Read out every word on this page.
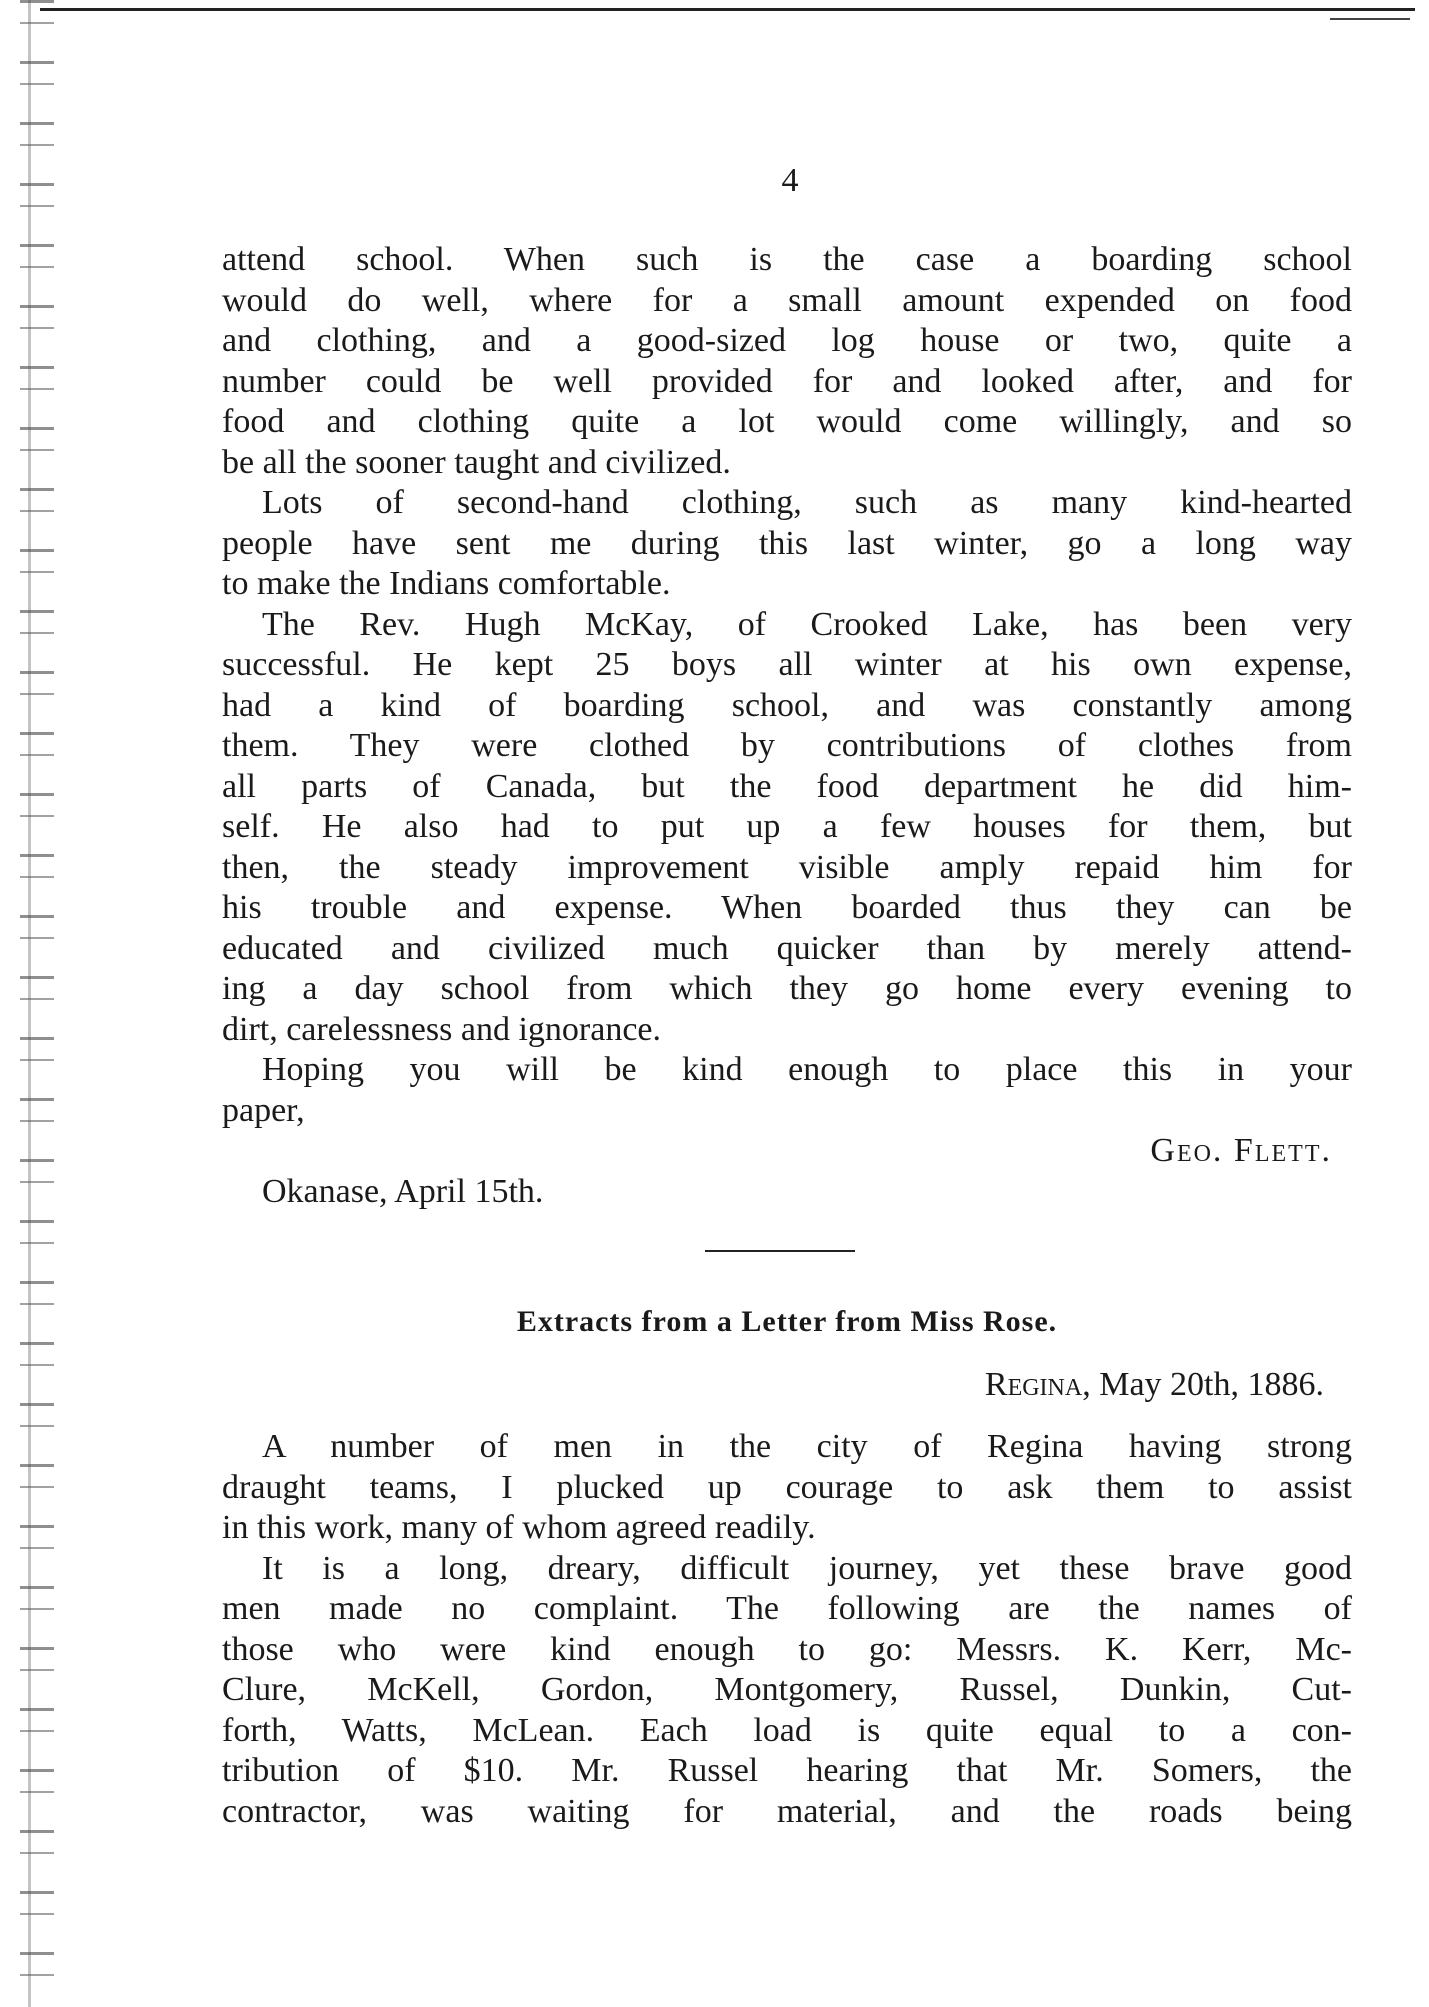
4
attend school. When such is the case a boarding school
would do well, where for a small amount expended on food
and clothing, and a good-sized log house or two, quite a
number could be well provided for and looked after, and for
food and clothing quite a lot would come willingly, and so
be all the sooner taught and civilized.
Lots of second-hand clothing, such as many kind-hearted
people have sent me during this last winter, go a long way
to make the Indians comfortable.
The Rev. Hugh McKay, of Crooked Lake, has been very
successful. He kept 25 boys all winter at his own expense,
had a kind of boarding school, and was constantly among
them. They were clothed by contributions of clothes from
all parts of Canada, but the food department he did him-
self. He also had to put up a few houses for them, but
then, the steady improvement visible amply repaid him for
his trouble and expense. When boarded thus they can be
educated and civilized much quicker than by merely attend-
ing a day school from which they go home every evening to
dirt, carelessness and ignorance.
Hoping you will be kind enough to place this in your
paper,
Geo. Flett.
Okanase, April 15th.
Extracts from a Letter from Miss Rose.
Regina, May 20th, 1886.
A number of men in the city of Regina having strong
draught teams, I plucked up courage to ask them to assist
in this work, many of whom agreed readily.
It is a long, dreary, difficult journey, yet these brave good
men made no complaint. The following are the names of
those who were kind enough to go: Messrs. K. Kerr, Mc-
Clure, McKell, Gordon, Montgomery, Russel, Dunkin, Cut-
forth, Watts, McLean. Each load is quite equal to a con-
tribution of $10. Mr. Russel hearing that Mr. Somers, the
contractor, was waiting for material, and the roads being
